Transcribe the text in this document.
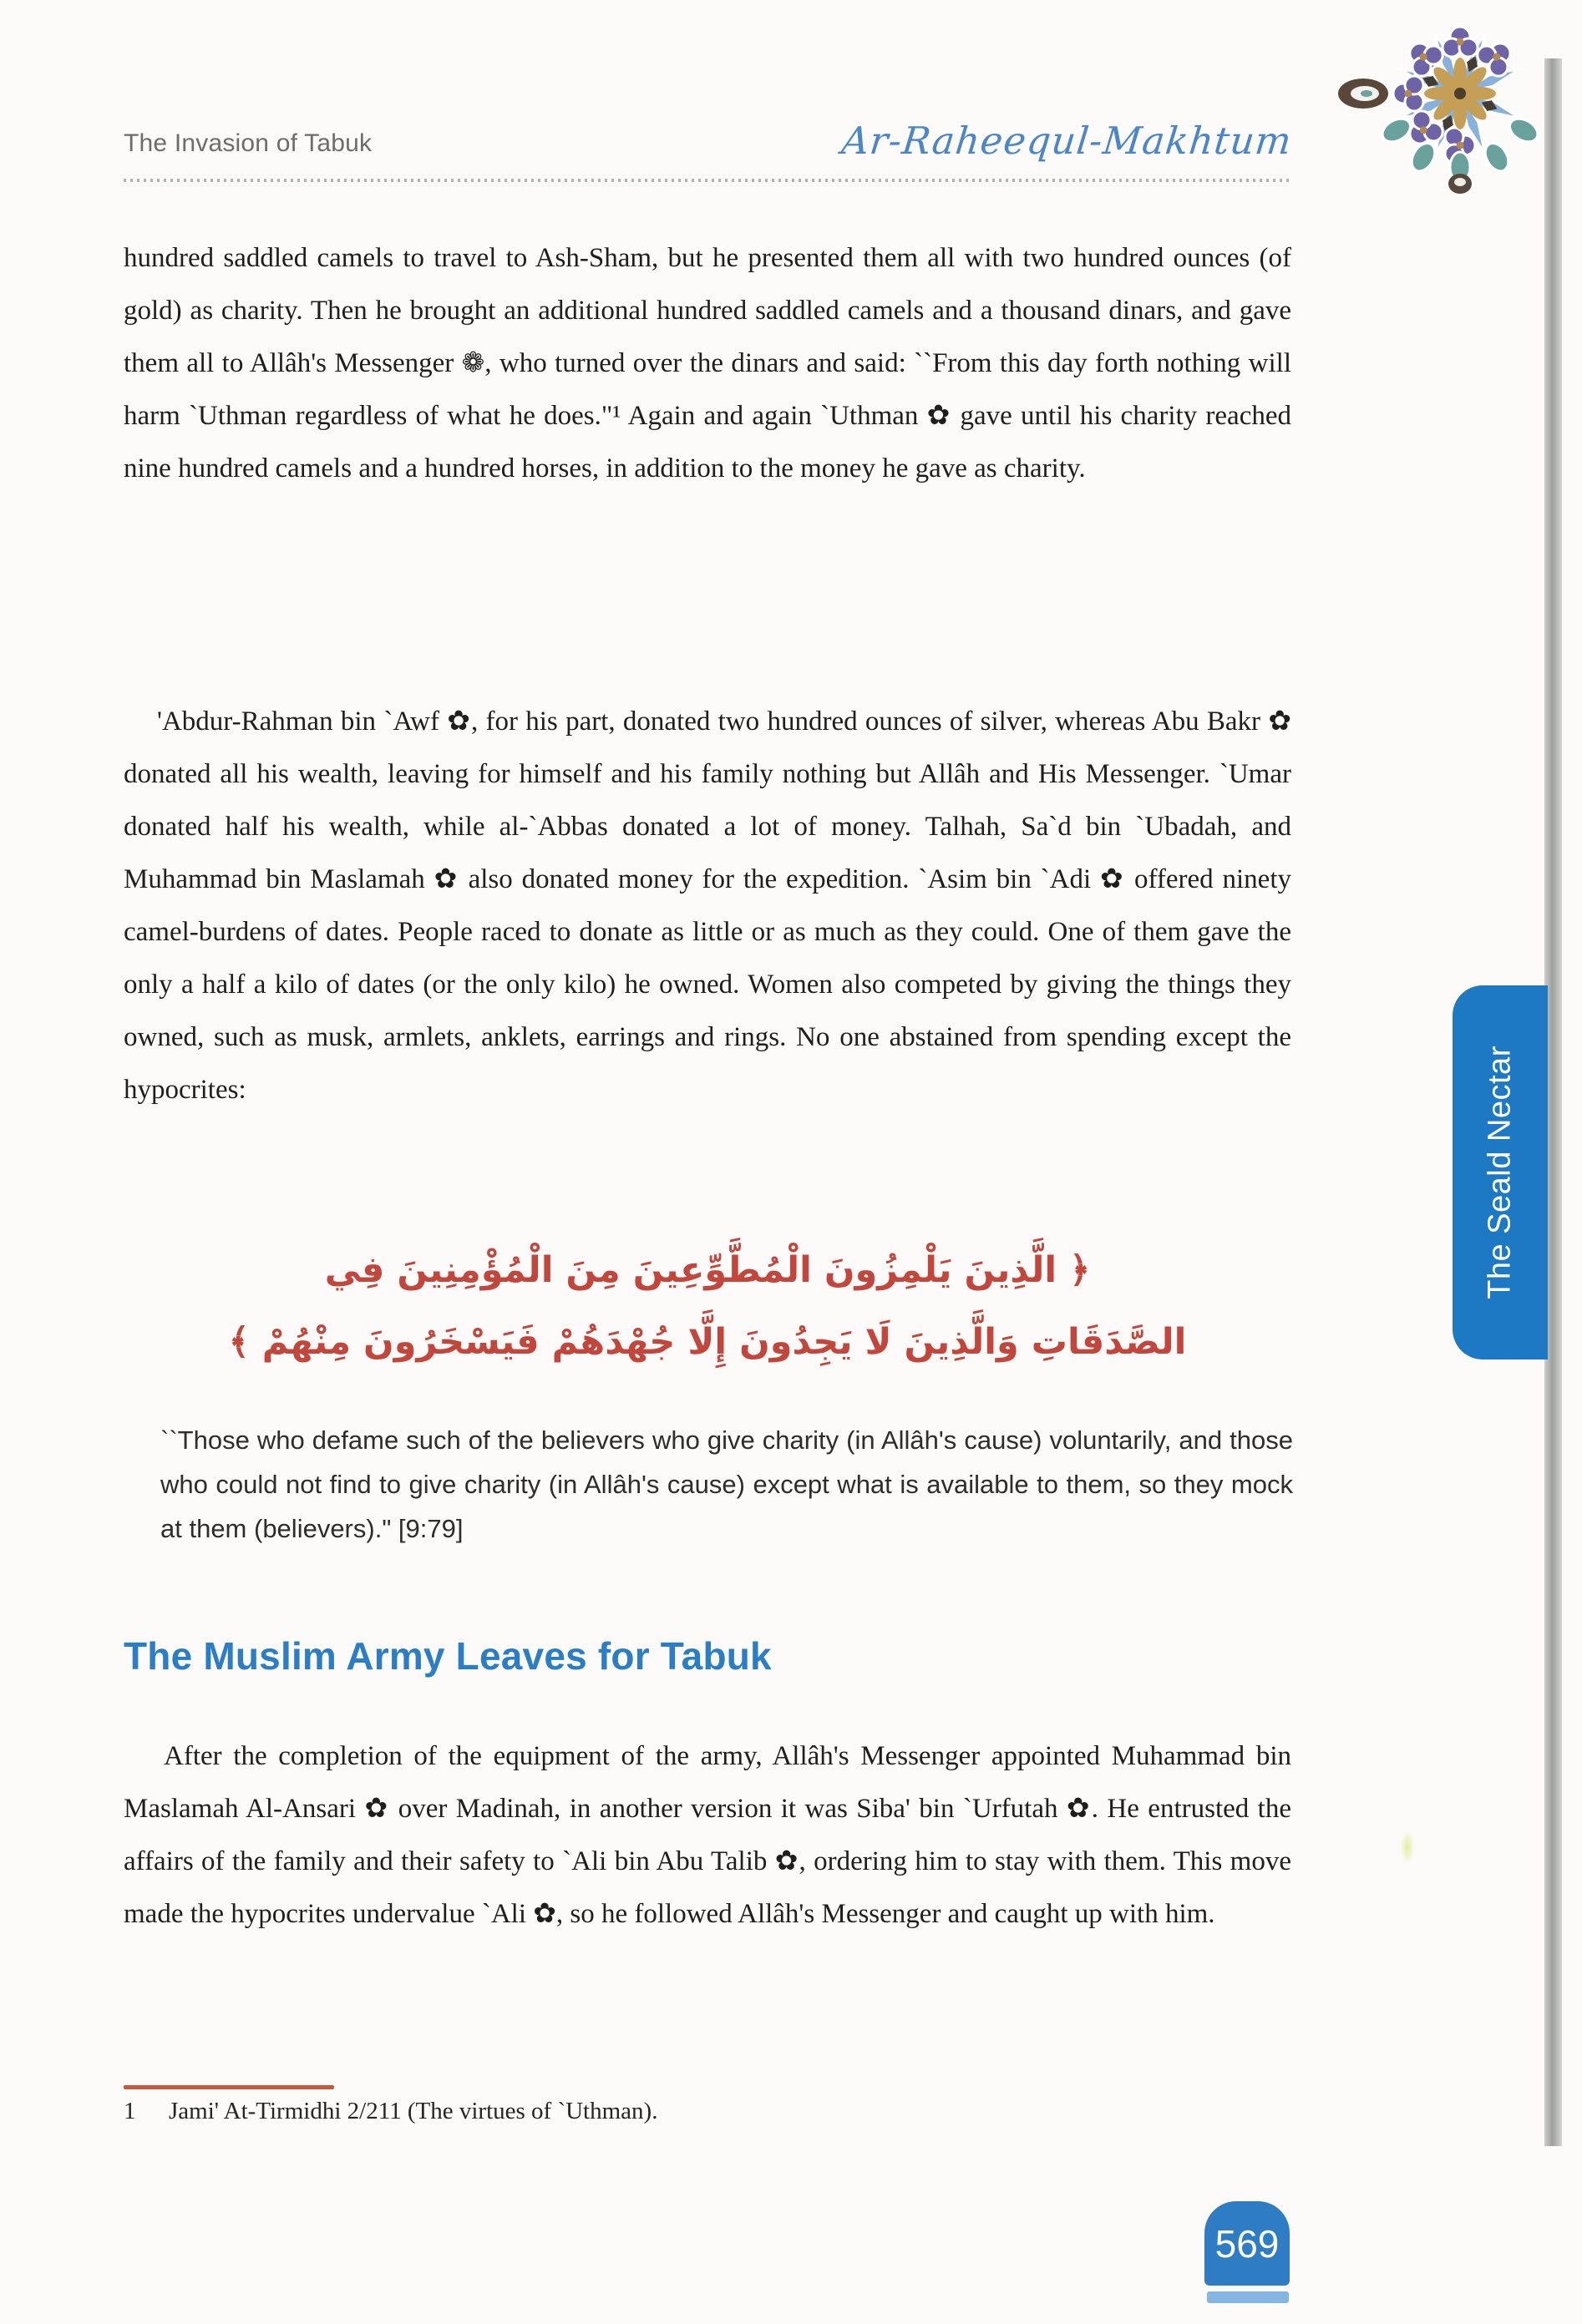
The Invasion of Tabuk	Ar-Raheequl-Makhtum

hundred saddled camels to travel to Ash-Sham, but he presented them all with two hundred ounces (of gold) as charity. Then he brought an additional hundred saddled camels and a thousand dinars, and gave them all to Allâh's Messenger ❁, who turned over the dinars and said: ``From this day forth nothing will harm `Uthman regardless of what he does."¹ Again and again `Uthman ✿ gave until his charity reached nine hundred camels and a hundred horses, in addition to the money he gave as charity.

'Abdur-Rahman bin `Awf ✿, for his part, donated two hundred ounces of silver, whereas Abu Bakr ✿ donated all his wealth, leaving for himself and his family nothing but Allâh and His Messenger. `Umar donated half his wealth, while al-`Abbas donated a lot of money. Talhah, Sa`d bin `Ubadah, and Muhammad bin Maslamah ✿ also donated money for the expedition. `Asim bin `Adi ✿ offered ninety camel-burdens of dates. People raced to donate as little or as much as they could. One of them gave the only a half a kilo of dates (or the only kilo) he owned. Women also competed by giving the things they owned, such as musk, armlets, anklets, earrings and rings. No one abstained from spending except the hypocrites:

﴿ الَّذِينَ يَلْمِزُونَ الْمُطَّوِّعِينَ مِنَ الْمُؤْمِنِينَ فِي
الصَّدَقَاتِ وَالَّذِينَ لَا يَجِدُونَ إِلَّا جُهْدَهُمْ فَيَسْخَرُونَ مِنْهُمْ ﴾

``Those who defame such of the believers who give charity (in Allâh's cause) voluntarily, and those who could not find to give charity (in Allâh's cause) except what is available to them, so they mock at them (believers)." [9:79]

The Muslim Army Leaves for Tabuk

After the completion of the equipment of the army, Allâh's Messenger appointed Muhammad bin Maslamah Al-Ansari ✿ over Madinah, in another version it was Siba' bin `Urfutah ✿. He entrusted the affairs of the family and their safety to `Ali bin Abu Talib ✿, ordering him to stay with them. This move made the hypocrites undervalue `Ali ✿, so he followed Allâh's Messenger and caught up with him.

1 Jami' At-Tirmidhi 2/211 (The virtues of `Uthman).

The Seald Nectar
569
